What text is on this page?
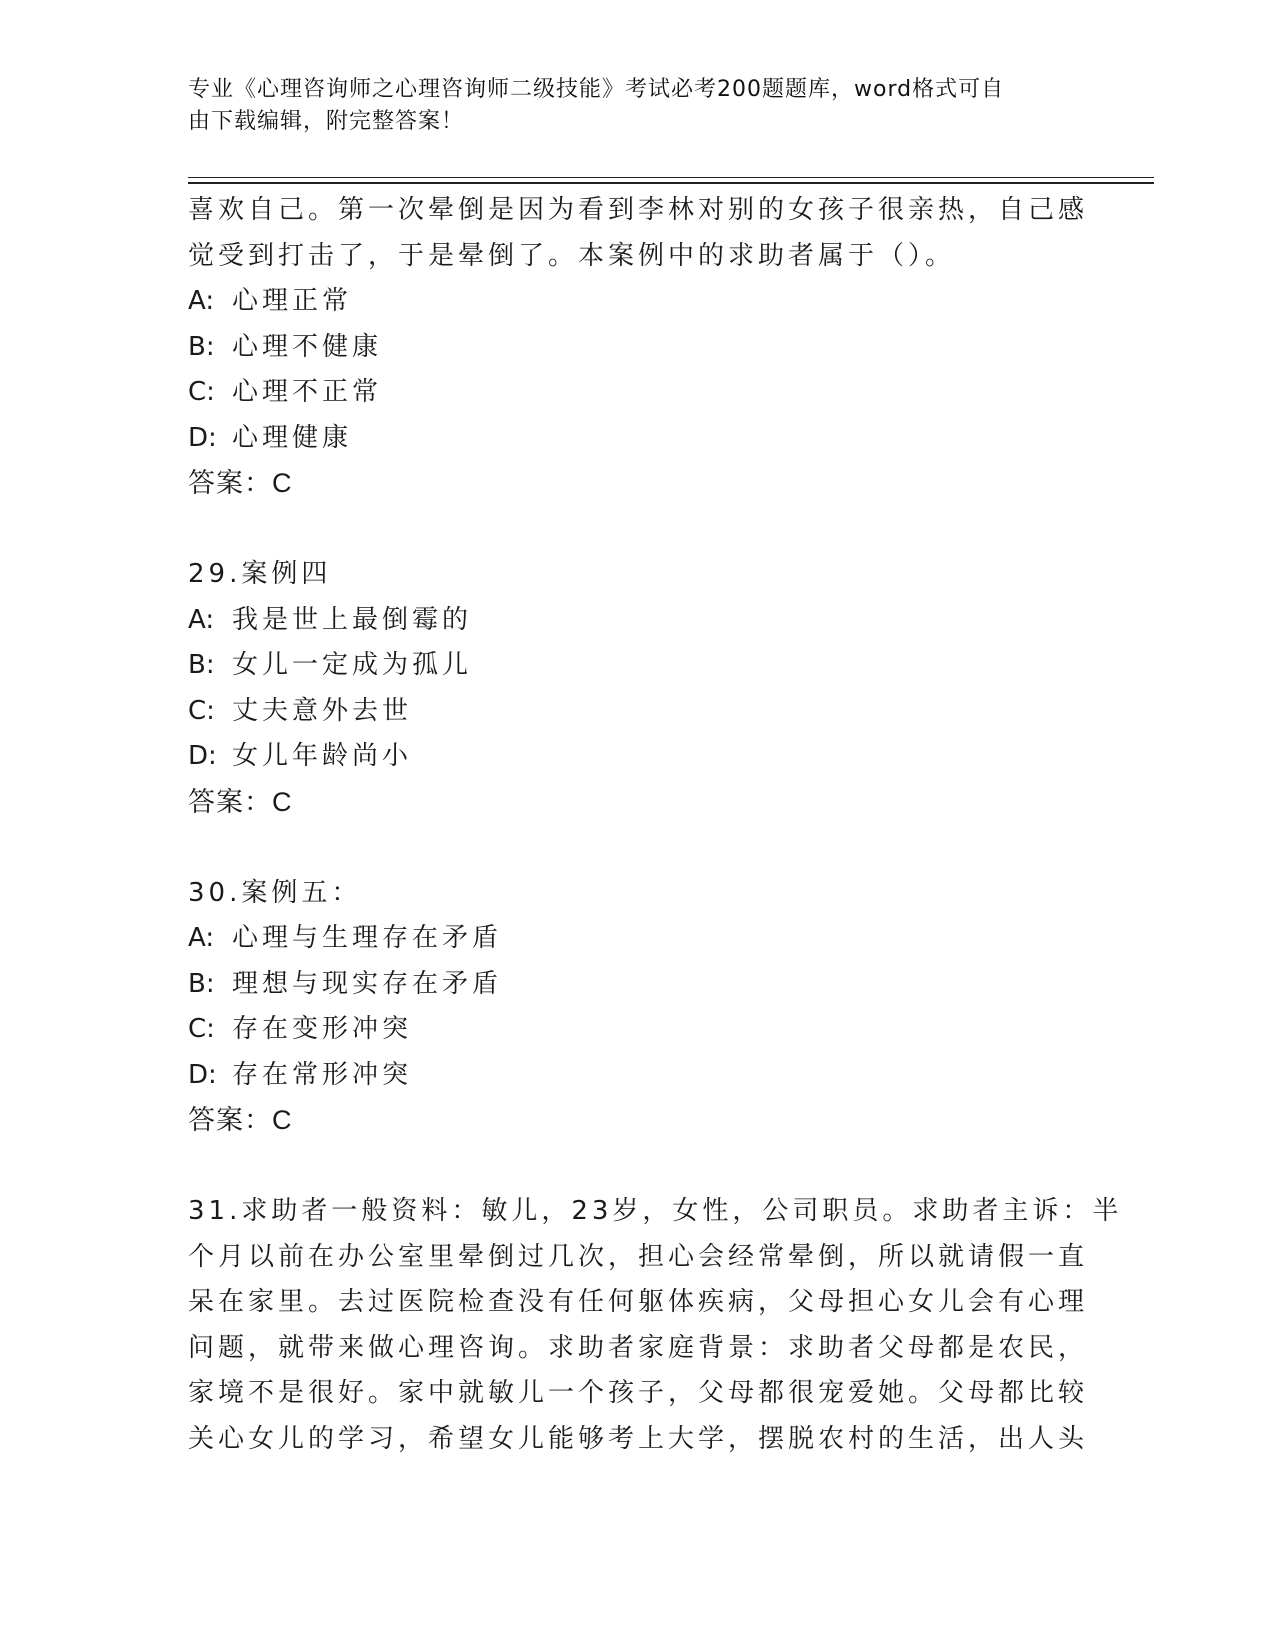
专业《心理咨询师之心理咨询师二级技能》考试必考200题题库，word格式可自
由下载编辑，附完整答案！
喜欢自己。第一次晕倒是因为看到李林对别的女孩子很亲热，自己感
觉受到打击了，于是晕倒了。本案例中的求助者属于（）。
A: 心理正常
B: 心理不健康
C: 心理不正常
D: 心理健康
答案：C
29.案例四
A: 我是世上最倒霉的
B: 女儿一定成为孤儿
C: 丈夫意外去世
D: 女儿年龄尚小
答案：C
30.案例五：
A: 心理与生理存在矛盾
B: 理想与现实存在矛盾
C: 存在变形冲突
D: 存在常形冲突
答案：C
31.求助者一般资料：敏儿，23岁，女性，公司职员。求助者主诉：半
个月以前在办公室里晕倒过几次，担心会经常晕倒，所以就请假一直
呆在家里。去过医院检查没有任何躯体疾病，父母担心女儿会有心理
问题，就带来做心理咨询。求助者家庭背景：求助者父母都是农民，
家境不是很好。家中就敏儿一个孩子，父母都很宠爱她。父母都比较
关心女儿的学习，希望女儿能够考上大学，摆脱农村的生活，出人头
